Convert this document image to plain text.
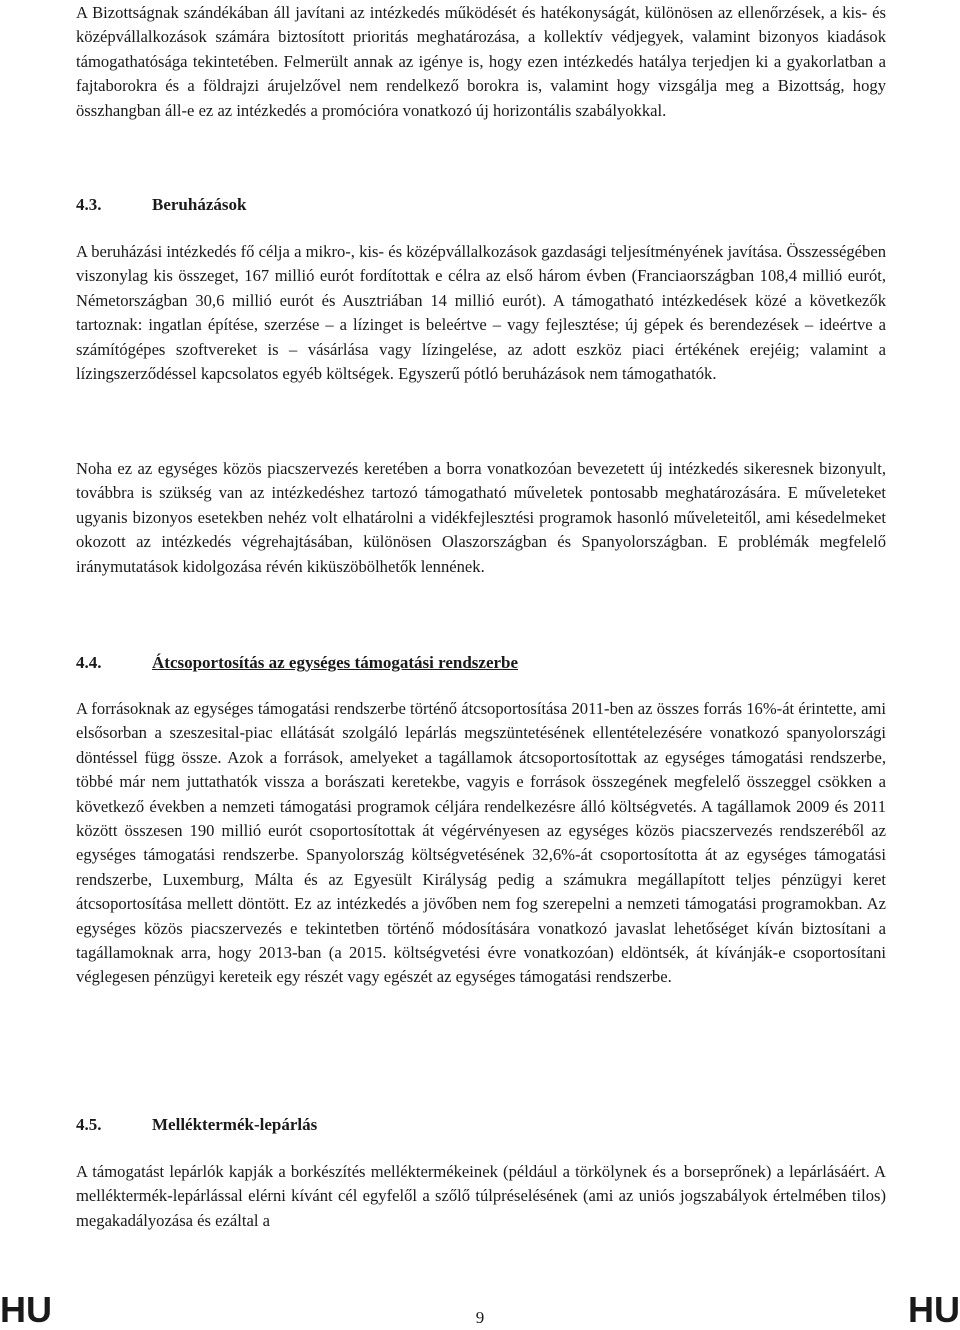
A Bizottságnak szándékában áll javítani az intézkedés működését és hatékonyságát, különösen az ellenőrzések, a kis- és középvállalkozások számára biztosított prioritás meghatározása, a kollektív védjegyek, valamint bizonyos kiadások támogathatósága tekintetében. Felmerült annak az igénye is, hogy ezen intézkedés hatálya terjedjen ki a gyakorlatban a fajtaborokra és a földrajzi árujelzővel nem rendelkező borokra is, valamint hogy vizsgálja meg a Bizottság, hogy összhangban áll-e ez az intézkedés a promócióra vonatkozó új horizontális szabályokkal.

4.3.	Beruházások

A beruházási intézkedés fő célja a mikro-, kis- és középvállalkozások gazdasági teljesítményének javítása. Összességében viszonylag kis összeget, 167 millió eurót fordítottak e célra az első három évben (Franciaországban 108,4 millió eurót, Németországban 30,6 millió eurót és Ausztriában 14 millió eurót). A támogatható intézkedések közé a következők tartoznak: ingatlan építése, szerzése – a lízinget is beleértve – vagy fejlesztése; új gépek és berendezések – ideértve a számítógépes szoftvereket is – vásárlása vagy lízingelése, az adott eszköz piaci értékének erejéig; valamint a lízingszerződéssel kapcsolatos egyéb költségek. Egyszerű pótló beruházások nem támogathatók.

Noha ez az egységes közös piacszervezés keretében a borra vonatkozóan bevezetett új intézkedés sikeresnek bizonyult, továbbra is szükség van az intézkedéshez tartozó támogatható műveletek pontosabb meghatározására. E műveleteket ugyanis bizonyos esetekben nehéz volt elhatárolni a vidékfejlesztési programok hasonló műveleteitől, ami késedelmeket okozott az intézkedés végrehajtásában, különösen Olaszországban és Spanyolországban. E problémák megfelelő iránymutatások kidolgozása révén kiküszöbölhetők lennének.

4.4.	Átcsoportosítás az egységes támogatási rendszerbe

A forrásoknak az egységes támogatási rendszerbe történő átcsoportosítása 2011-ben az összes forrás 16%-át érintette, ami elsősorban a szeszesital-piac ellátását szolgáló lepárlás megszüntetésének ellentételezésére vonatkozó spanyolországi döntéssel függ össze. Azok a források, amelyeket a tagállamok átcsoportosítottak az egységes támogatási rendszerbe, többé már nem juttathatók vissza a borászati keretekbe, vagyis e források összegének megfelelő összeggel csökken a következő években a nemzeti támogatási programok céljára rendelkezésre álló költségvetés. A tagállamok 2009 és 2011 között összesen 190 millió eurót csoportosítottak át végérvényesen az egységes közös piacszervezés rendszeréből az egységes támogatási rendszerbe. Spanyolország költségvetésének 32,6%-át csoportosította át az egységes támogatási rendszerbe, Luxemburg, Málta és az Egyesült Királyság pedig a számukra megállapított teljes pénzügyi keret átcsoportosítása mellett döntött. Ez az intézkedés a jövőben nem fog szerepelni a nemzeti támogatási programokban. Az egységes közös piacszervezés e tekintetben történő módosítására vonatkozó javaslat lehetőséget kíván biztosítani a tagállamoknak arra, hogy 2013-ban (a 2015. költségvetési évre vonatkozóan) eldöntsék, át kívánják-e csoportosítani véglegesen pénzügyi kereteik egy részét vagy egészét az egységes támogatási rendszerbe.

4.5.	Melléktermék-lepárlás

A támogatást lepárlók kapják a borkészítés melléktermékeinek (például a törkölynek és a borseprőnek) a lepárlásáért. A melléktermék-lepárlással elérni kívánt cél egyfelől a szőlő túlpréselésének (ami az uniós jogszabályok értelmében tilos) megakadályozása és ezáltal a

HU	9	HU
